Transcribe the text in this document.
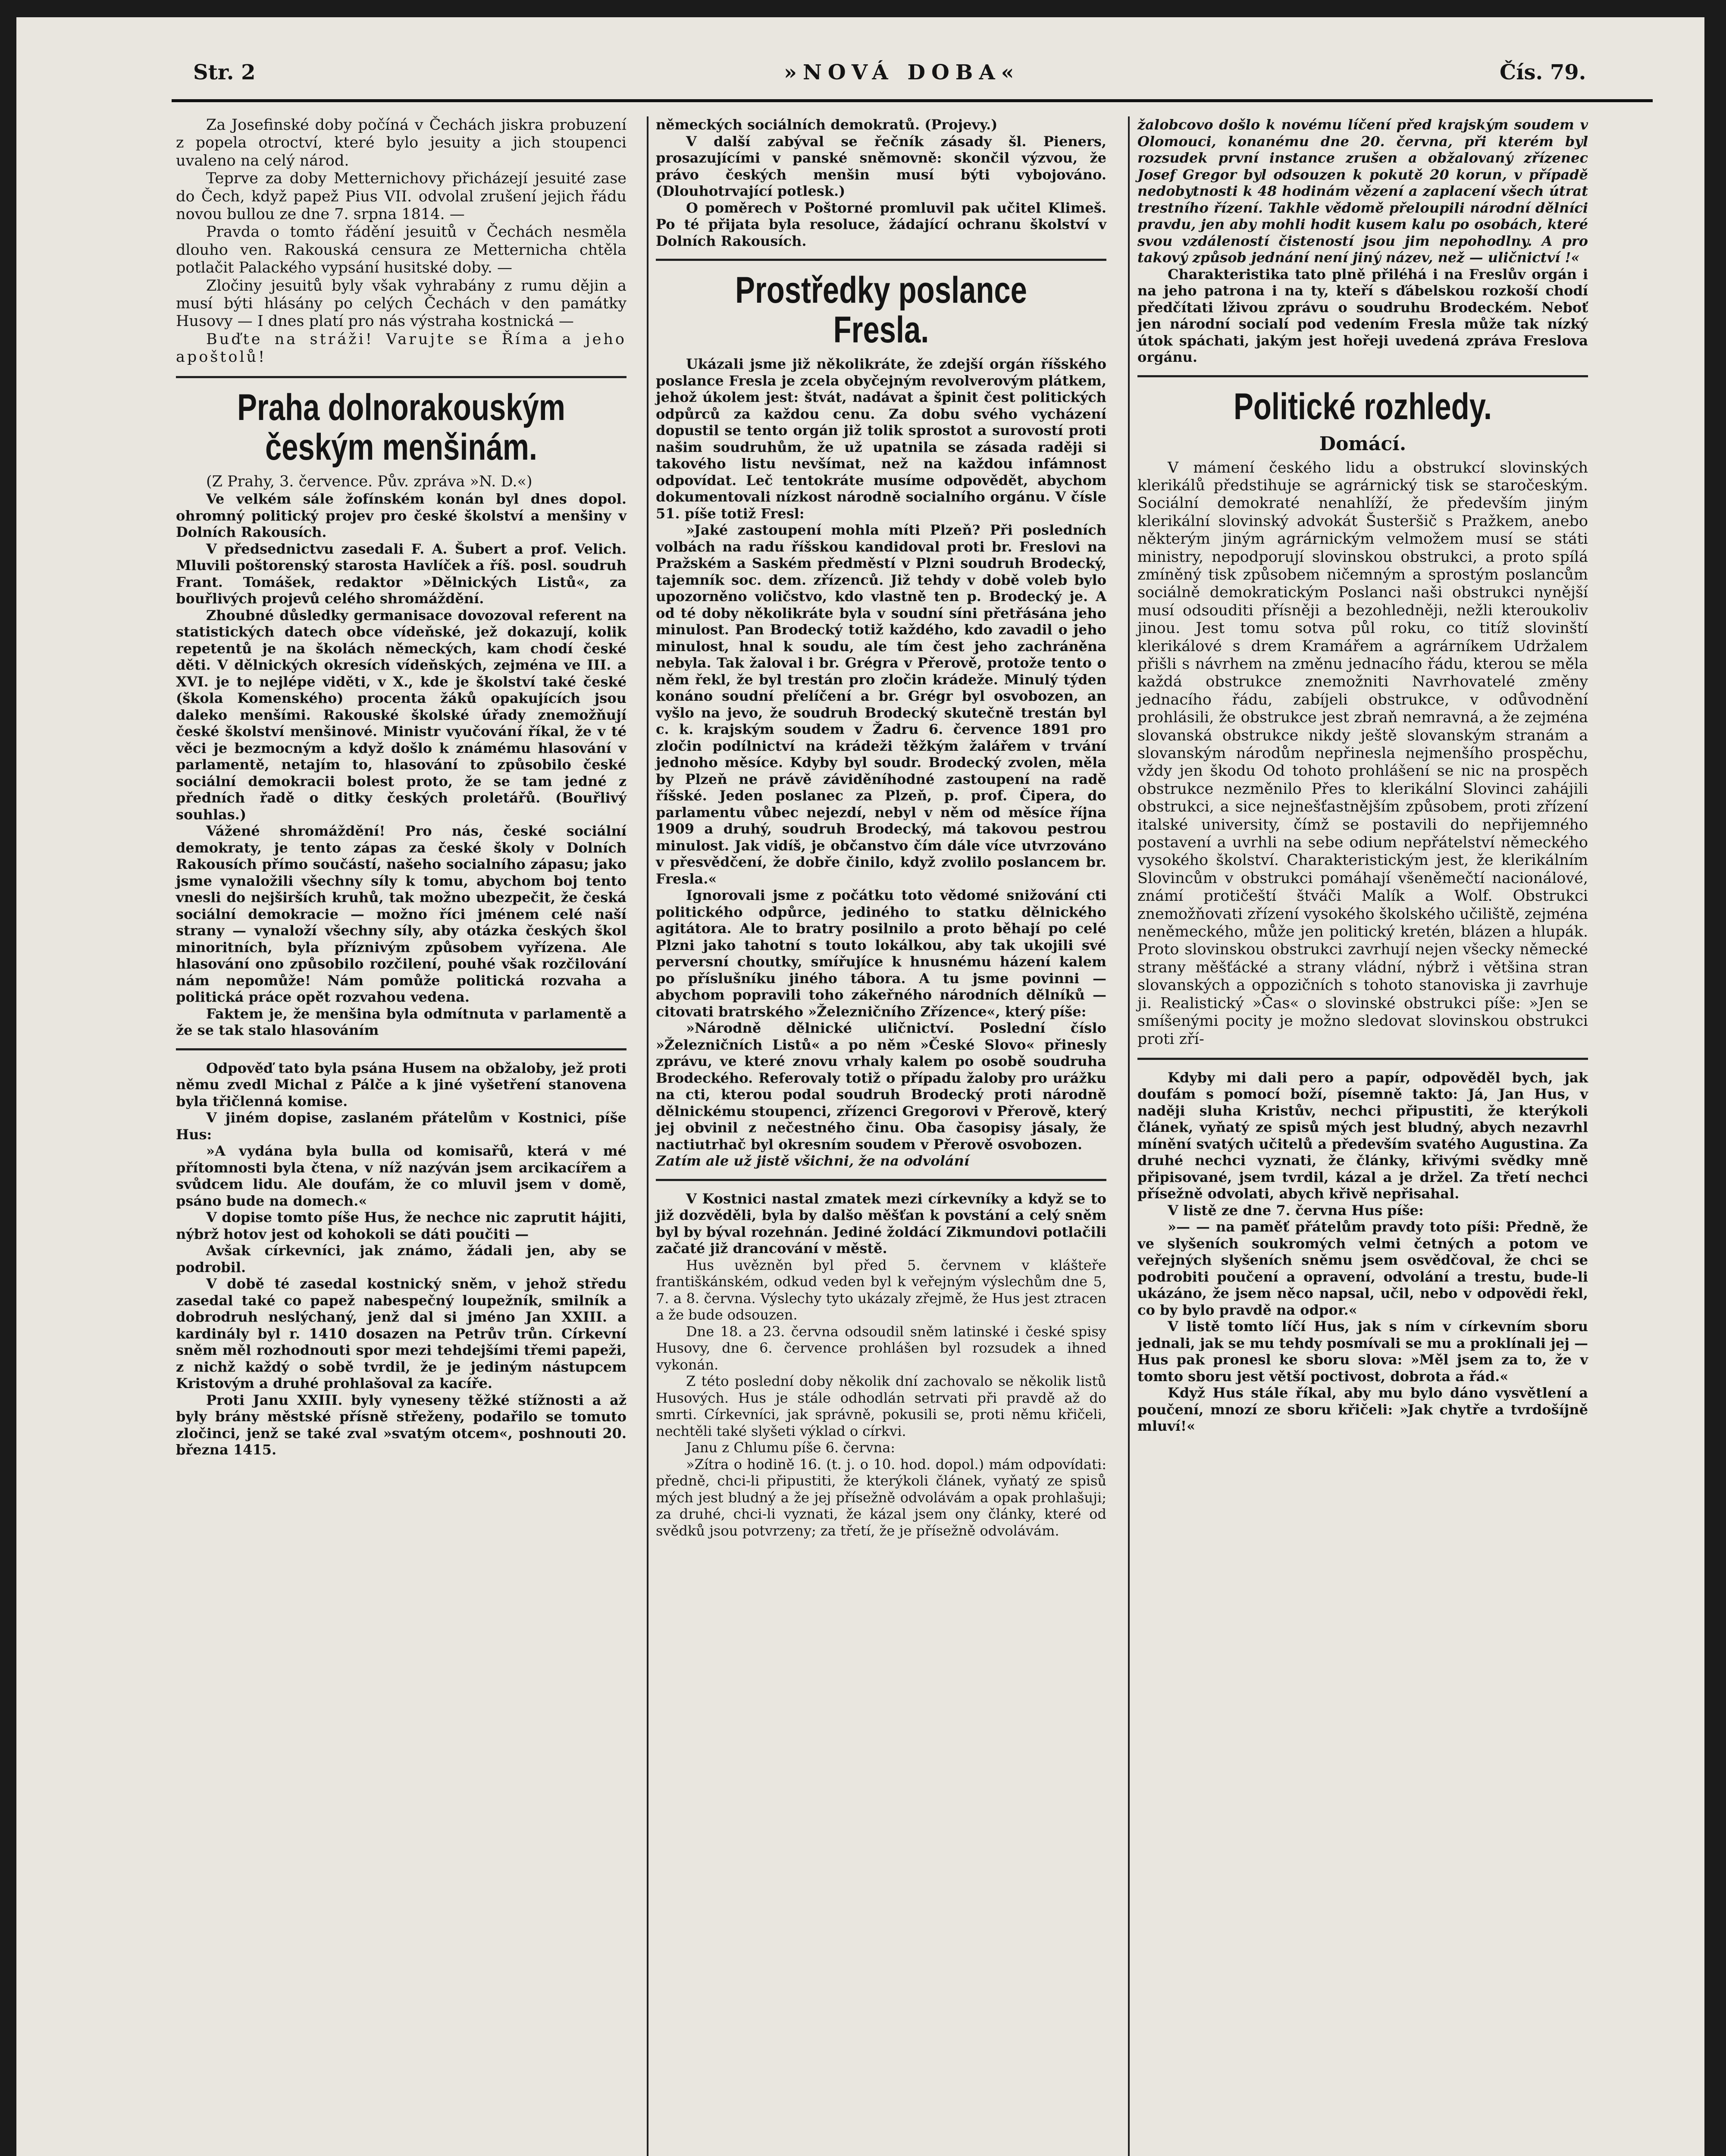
Str. 2	»NOVÁ DOBA«	Čís. 79.

Za Josefinské doby počíná v Čechách jiskra probuzení z popela otroctví, které bylo jesuity a jich stoupenci uvaleno na celý národ.

Teprve za doby Metternichovy přicházejí jesuité zase do Čech, když papež Pius VII. odvolal zrušení jejich řádu novou bullou ze dne 7. srpna 1814. —

Pravda o tomto řádění jesuitů v Čechách nesměla dlouho ven. Rakouská censura ze Metternicha chtěla potlačit Palackého vypsání husitské doby. —

Zločiny jesuitů byly však vyhrabány z rumu dějin a musí býti hlásány po celých Čechách v den památky Husovy — I dnes platí pro nás výstraha kostnická —

Buďte na stráži! Varujte se Říma a jeho apoštolů!

Praha dolnorakouským českým menšinám.

(Z Prahy, 3. července. Pův. zpráva »N. D.«)

Ve velkém sále žofínském konán byl dnes dopol. ohromný politický projev pro české školství a menšiny v Dolních Rakousích.

V předsednictvu zasedali F. A. Šubert a prof. Velich. Mluvili poštorenský starosta Havlíček a říš. posl. soudruh Frant. Tomášek, redaktor »Dělnických Listů«, za bouřlivých projevů celého shromáždění.

Zhoubné důsledky germanisace dovozoval referent na statistických datech obce vídeňské, jež dokazují, kolik repetentů je na školách německých, kam chodí české děti. V dělnických okresích vídeňských, zejména ve III. a XVI. je to nejlépe viděti, v X., kde je školství také české (škola Komenského) procenta žáků opakujících jsou daleko menšími. Rakouské školské úřady znemožňují české školství menšinové. Ministr vyučování říkal, že v té věci je bezmocným a když došlo k známému hlasování v parlamentě, netajím to, hlasování to způsobilo české sociální demokracii bolest proto, že se tam jedné z předních řadě o ditky českých proletářů. (Bouřlivý souhlas.)

Vážené shromáždění! Pro nás, české sociální demokraty, je tento zápas za české školy v Dolních Rakousích přímo součástí, našeho socialního zápasu; jako jsme vynaložili všechny síly k tomu, abychom boj tento vnesli do nejširších kruhů, tak možno ubezpečit, že česká sociální demokracie — možno říci jménem celé naší strany — vynaloží všechny síly, aby otázka českých škol minoritních, byla příznivým způsobem vyřízena. Ale hlasování ono způsobilo rozčilení, pouhé však rozčilování nám nepomůže! Nám pomůže politická rozvaha a politická práce opět rozvahou vedena.

Faktem je, že menšina byla odmítnuta v parlamentě a že se tak stalo hlasováním

Odpověď tato byla psána Husem na obžaloby, jež proti němu zvedl Michal z Pálče a k jiné vyšetření stanovena byla třičlenná komise.

V jiném dopise, zaslaném přátelům v Kostnici, píše Hus:

»A vydána byla bulla od komisařů, která v mé přítomnosti byla čtena, v níž nazýván jsem arcikacířem a svůdcem lidu. Ale doufám, že co mluvil jsem v domě, psáno bude na domech.«

V dopise tomto píše Hus, že nechce nic zaprutit hájiti, nýbrž hotov jest od kohokoli se dáti poučiti —

Avšak církevníci, jak známo, žádali jen, aby se podrobil.

V době té zasedal kostnický sněm, v jehož středu zasedal také co papež nabespečný loupežník, smilník a dobrodruh neslýchaný, jenž dal si jméno Jan XXIII. a kardinály byl r. 1410 dosazen na Petrův trůn. Církevní sněm měl rozhodnouti spor mezi tehdejšími třemi papeži, z nichž každý o sobě tvrdil, že je jediným nástupcem Kristovým a druhé prohlašoval za kacíře.

Proti Janu XXIII. byly vyneseny těžké stížnosti a až byly brány městské přísně střeženy, podařilo se tomuto zločinci, jenž se také zval »svatým otcem«, poshnouti 20. března 1415.

německých sociálních demokratů. (Projevy.)

V další zabýval se řečník zásady šl. Pieners, prosazujícími v panské sněmovně: skončil výzvou, že právo českých menšin musí býti vybojováno. (Dlouhotrvající potlesk.)

O poměrech v Poštorné promluvil pak učitel Klimeš. Po té přijata byla resoluce, žádající ochranu školství v Dolních Rakousích.

Prostředky poslance Fresla.

Ukázali jsme již několikráte, že zdejší orgán říšského poslance Fresla je zcela obyčejným revolverovým plátkem, jehož úkolem jest: štvát, nadávat a špinit čest politických odpůrců za každou cenu. Za dobu svého vycházení dopustil se tento orgán již tolik sprostot a surovostí proti našim soudruhům, že už upatnila se zásada raději si takového listu nevšímat, než na každou infámnost odpovídat. Leč tentokráte musíme odpovědět, abychom dokumentovali nízkost národně socialního orgánu. V čísle 51. píše totiž Fresl:

»Jaké zastoupení mohla míti Plzeň? Při posledních volbách na radu říšskou kandidoval proti br. Freslovi na Pražském a Saském předměstí v Plzni soudruh Brodecký, tajemník soc. dem. zřízenců. Již tehdy v době voleb bylo upozorněno voličstvo, kdo vlastně ten p. Brodecký je. A od té doby několikráte byla v soudní síni přetřásána jeho minulost. Pan Brodecký totiž každého, kdo zavadil o jeho minulost, hnal k soudu, ale tím čest jeho zachráněna nebyla. Tak žaloval i br. Grégra v Přerově, protože tento o něm řekl, že byl trestán pro zločin krádeže. Minulý týden konáno soudní přelíčení a br. Grégr byl osvobozen, an vyšlo na jevo, že soudruh Brodecký skutečně trestán byl c. k. krajským soudem v Žadru 6. července 1891 pro zločin podílnictví na krádeži těžkým žalářem v trvání jednoho měsíce. Kdyby byl soudr. Brodecký zvolen, měla by Plzeň ne právě záviděníhodné zastoupení na radě říšské. Jeden poslanec za Plzeň, p. prof. Čipera, do parlamentu vůbec nejezdí, nebyl v něm od měsíce října 1909 a druhý, soudruh Brodecký, má takovou pestrou minulost. Jak vidíš, je občanstvo čím dále více utvrzováno v přesvědčení, že dobře činilo, když zvolilo poslancem br. Fresla.«

Ignorovali jsme z počátku toto vědomé snižování cti politického odpůrce, jediného to statku dělnického agitátora. Ale to bratry posilnilo a proto běhají po celé Plzni jako tahotní s touto lokálkou, aby tak ukojili své perversní choutky, smířujíce k hnusnému házení kalem po příslušníku jiného tábora. A tu jsme povinni — abychom popravili toho zákeřného národních dělníků — citovati bratrského »Železničního Zřízence«, který píše:

»Národně dělnické uličnictví. Poslední číslo »Železničních Listů« a po něm »České Slovo« přinesly zprávu, ve které znovu vrhaly kalem po osobě soudruha Brodeckého. Referovaly totiž o případu žaloby pro urážku na cti, kterou podal soudruh Brodecký proti národně dělnickému stoupenci, zřízenci Gregorovi v Přerově, který jej obvinil z nečestného činu. Oba časopisy jásaly, že nactiutrhač byl okresním soudem v Přerově osvobozen.

Zatím ale už jistě všichni, že na odvolání

V Kostnici nastal zmatek mezi církevníky a když se to již dozvěděli, byla by dalšo měšťan k povstání a celý sněm byl by býval rozehnán. Jediné žoldácí Zikmundovi potlačili začaté již drancování v městě.

Hus uvězněn byl před 5. červnem v klášteře františkánském, odkud veden byl k veřejným výslechům dne 5, 7. a 8. června. Výslechy tyto ukázaly zřejmě, že Hus jest ztracen a že bude odsouzen.

Dne 18. a 23. června odsoudil sněm latinské i české spisy Husovy, dne 6. července prohlášen byl rozsudek a ihned vykonán.

Z této poslední doby několik dní zachovalo se několik listů Husových. Hus je stále odhodlán setrvati při pravdě až do smrti. Církevníci, jak správně, pokusili se, proti němu křičeli, nechtěli také slyšeti výklad o církvi.

Janu z Chlumu píše 6. června:

»Zítra o hodině 16. (t. j. o 10. hod. dopol.) mám odpovídati: předně, chci-li připustiti, že kterýkoli článek, vyňatý ze spisů mých jest bludný a že jej přísežně odvolávám a opak prohlašuji; za druhé, chci-li vyznati, že kázal jsem ony články, které od svědků jsou potvrzeny; za třetí, že je přísežně odvolávám.

žalobcovo došlo k novému líčení před krajským soudem v Olomouci, konanému dne 20. června, při kterém byl rozsudek první instance zrušen a obžalovaný zřízenec Josef Gregor byl odsouzen k pokutě 20 korun, v případě nedobytnosti k 48 hodinám vězení a zaplacení všech útrat trestního řízení. Takhle vědomě přeloupili národní dělníci pravdu, jen aby mohli hodit kusem kalu po osobách, které svou vzdáleností čisteností jsou jim nepohodlny. A pro takový způsob jednání není jiný název, než — uličnictví !«

Charakteristika tato plně přiléhá i na Freslův orgán i na jeho patrona i na ty, kteří s ďábelskou rozkoší chodí předčítati lživou zprávu o soudruhu Brodeckém. Neboť jen národní socialí pod vedením Fresla může tak nízký útok spáchati, jakým jest hořeji uvedená zpráva Freslova orgánu.

Politické rozhledy.
Domácí.

V mámení českého lidu a obstrukcí slovinských klerikálů předstihuje se agrárnický tisk se staročeským. Sociální demokraté nenahlíží, že především jiným klerikální slovinský advokát Šusteršič s Pražkem, anebo některým jiným agrárnickým velmožem musí se státi ministry, nepodporují slovinskou obstrukci, a proto spílá zmíněný tisk způsobem ničemným a sprostým poslancům sociálně demokratickým Poslanci naši obstrukci nynější musí odsouditi přísněji a bezohledněji, nežli kteroukoliv jinou. Jest tomu sotva půl roku, co titíž slovinští klerikálové s drem Kramářem a agrárníkem Udržalem přišli s návrhem na změnu jednacího řádu, kterou se měla každá obstrukce znemožniti Navrhovatelé změny jednacího řádu, zabíjeli obstrukce, v odůvodnění prohlásili, že obstrukce jest zbraň nemravná, a že zejména slovanská obstrukce nikdy ještě slovanským stranám a slovanským národům nepřinesla nejmenšího prospěchu, vždy jen škodu Od tohoto prohlášení se nic na prospěch obstrukce nezměnilo Přes to klerikální Slovinci zahájili obstrukci, a sice nejnešťastnějším způsobem, proti zřízení italské university, čímž se postavili do nepřijemného postavení a uvrhli na sebe odium nepřátelství německého vysokého školství. Charakteristickým jest, že klerikálním Slovincům v obstrukci pomáhají všeněmečtí nacionálové, známí protičeští štváči Malík a Wolf. Obstrukci znemožňovati zřízení vysokého školského učiliště, zejména neněmeckého, může jen politický kretén, blázen a hlupák. Proto slovinskou obstrukci zavrhují nejen všecky německé strany měšťácké a strany vládní, nýbrž i většina stran slovanských a oppozičních s tohoto stanoviska ji zavrhuje ji. Realistický »Čas« o slovinské obstrukci píše: »Jen se smíšenými pocity je možno sledovat slovinskou obstrukci proti zří-

Kdyby mi dali pero a papír, odpověděl bych, jak doufám s pomocí boží, písemně takto: Já, Jan Hus, v naději sluha Kristův, nechci připustiti, že kterýkoli článek, vyňatý ze spisů mých jest bludný, abych nezavrhl mínění svatých učitelů a především svatého Augustina. Za druhé nechci vyznati, že články, křivými svědky mně připisované, jsem tvrdil, kázal a je držel. Za třetí nechci přísežně odvolati, abych křivě nepřisahal.

V listě ze dne 7. června Hus píše:

»— — na paměť přátelům pravdy toto píši: Předně, že ve slyšeních soukromých velmi četných a potom ve veřejných slyšeních sněmu jsem osvědčoval, že chci se podrobiti poučení a opravení, odvolání a trestu, bude-li ukázáno, že jsem něco napsal, učil, nebo v odpovědi řekl, co by bylo pravdě na odpor.«

V listě tomto líčí Hus, jak s ním v církevním sboru jednali, jak se mu tehdy posmívali se mu a proklínali jej — Hus pak pronesl ke sboru slova: »Měl jsem za to, že v tomto sboru jest větší poctivost, dobrota a řád.«

Když Hus stále říkal, aby mu bylo dáno vysvětlení a poučení, mnozí ze sboru křičeli: »Jak chytře a tvrdošíjně mluví!«
